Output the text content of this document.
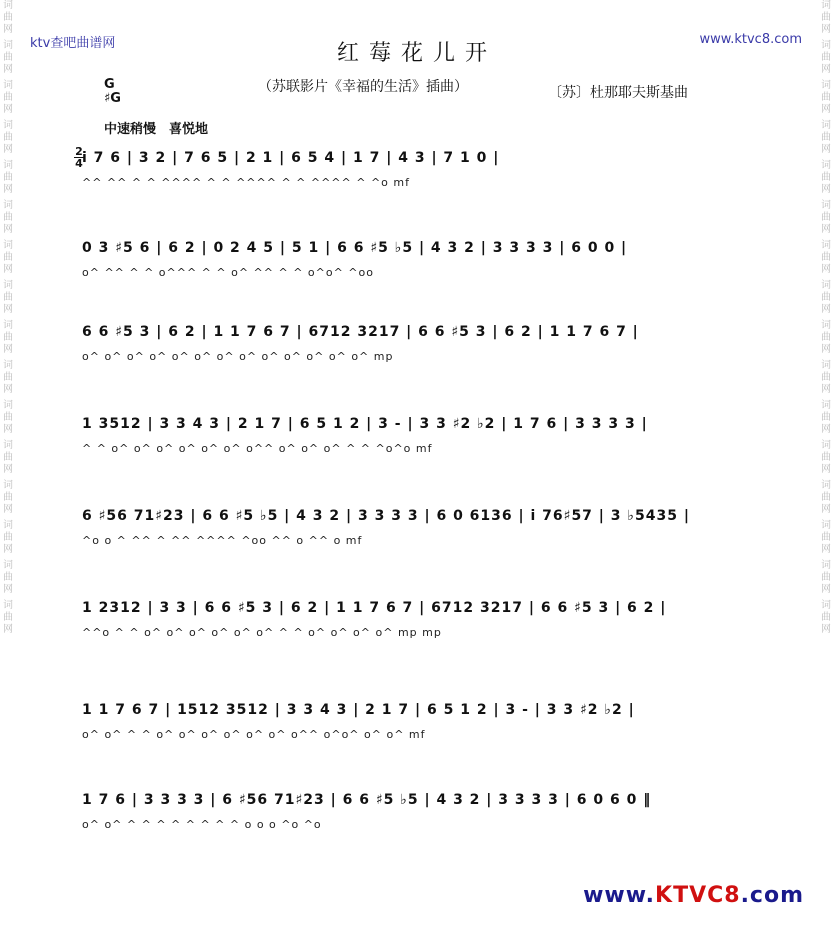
词曲网
词曲网
词曲网
词曲网
词曲网
词曲网
词曲网
词曲网
词曲网
词曲网
词曲网
词曲网
词曲网
词曲网
词曲网
词曲网
词曲网
词曲网
词曲网
词曲网
词曲网
词曲网
词曲网
词曲网
词曲网
词曲网
词曲网
词曲网
词曲网
词曲网
词曲网
词曲网
ktv查吧曲谱网	www.ktvc8.com
红莓花儿开
（苏联影片《幸福的生活》插曲）	〔苏〕杜那耶夫斯基曲
G
♯G
中速稍慢　喜悦地
2
4 i 7 6 | 3 2 | 7 6 5 | 2 1 | 6 5 4 | 1 7 | 4 3 | 7 1 0 |
^^ ^^ ^ ^ ^^^^ ^ ^ ^^^^ ^ ^ ^^^^ ^ ^o mf
0 3 ♯5 6 | 6 2 | 0 2 4 5 | 5 1 | 6 6 ♯5 ♭5 | 4 3 2 | 3 3 3 3 | 6 0 0 |
o^ ^^ ^ ^ o^^^ ^ ^ o^ ^^ ^ ^ o^o^ ^oo
6 6 ♯5 3 | 6 2 | 1 1 7 6 7 | 6712 3217 | 6 6 ♯5 3 | 6 2 | 1 1 7 6 7 |
o^ o^ o^ o^ o^ o^ o^ o^ o^ o^ o^ o^ o^ mp
1 3512 | 3 3 4 3 | 2 1 7 | 6 5 1 2 | 3 - | 3 3 ♯2 ♭2 | 1 7 6 | 3 3 3 3 |
^ ^ o^ o^ o^ o^ o^ o^ o^^ o^ o^ o^ ^ ^ ^o^o mf
6 ♯56 71♯23 | 6 6 ♯5 ♭5 | 4 3 2 | 3 3 3 3 | 6 0 6136 | i 76♯57 | 3 ♭5435 |
^o o ^ ^^ ^ ^^ ^^^^ ^oo ^^ o ^^ o mf
1 2312 | 3 3 | 6 6 ♯5 3 | 6 2 | 1 1 7 6 7 | 6712 3217 | 6 6 ♯5 3 | 6 2 |
^^o ^ ^ o^ o^ o^ o^ o^ o^ ^ ^ o^ o^ o^ o^ mp mp
1 1 7 6 7 | 1512 3512 | 3 3 4 3 | 2 1 7 | 6 5 1 2 | 3 - | 3 3 ♯2 ♭2 |
o^ o^ ^ ^ o^ o^ o^ o^ o^ o^ o^^ o^o^ o^ o^ mf
1 7 6 | 3 3 3 3 | 6 ♯56 71♯23 | 6 6 ♯5 ♭5 | 4 3 2 | 3 3 3 3 | 6 0 6 0 ‖
o^ o^ ^ ^ ^ ^ ^ ^ ^ ^ o o o ^o ^o
www.KTVC8.com
